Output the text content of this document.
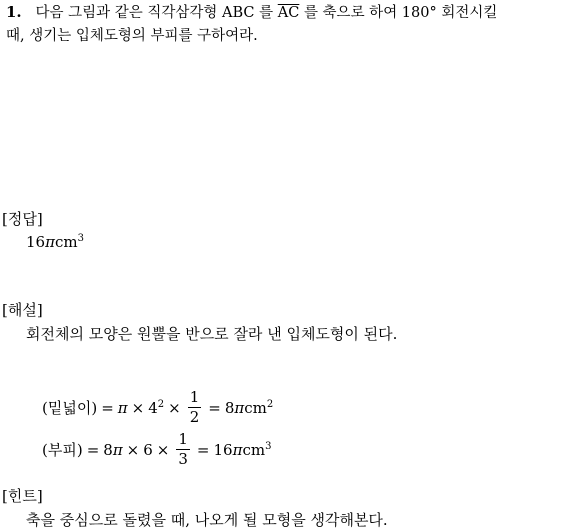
1. 다음 그림과 같은 직각삼각형 ABC 를 $\overline{AC}$ 를 축으로 하여 180° 회전시킬
때, 생기는 입체도형의 부피를 구하여라.
[정답]
16πcm$^3$
[해설]
회전체의 모양은 원뿔을 반으로 잘라 낸 입체도형이 된다.
(밑넓이) = $\pi \times 4^2 \times \frac{1}{2} = 8\pi cm^2$
(부피) = $8\pi \times 6 \times \frac{1}{3} = 16\pi cm^3$
[힌트]
축을 중심으로 돌렸을 때, 나오게 될 모형을 생각해본다.
